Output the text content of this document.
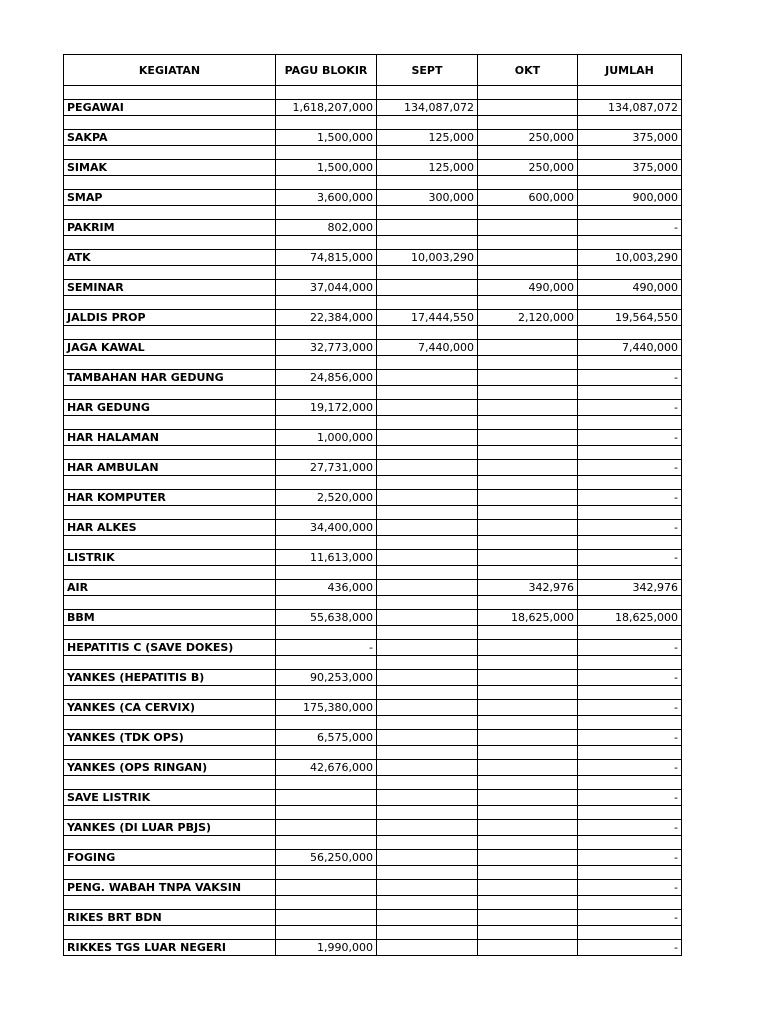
KEGIATAN	PAGU BLOKIR	SEPT	OKT	JUMLAH

PEGAWAI	1,618,207,000	134,087,072		134,087,072

SAKPA	1,500,000	125,000	250,000	375,000

SIMAK	1,500,000	125,000	250,000	375,000

SMAP	3,600,000	300,000	600,000	900,000

PAKRIM	802,000			-

ATK	74,815,000	10,003,290		10,003,290

SEMINAR	37,044,000		490,000	490,000

JALDIS PROP	22,384,000	17,444,550	2,120,000	19,564,550

JAGA KAWAL	32,773,000	7,440,000		7,440,000

TAMBAHAN HAR GEDUNG	24,856,000			-

HAR GEDUNG	19,172,000			-

HAR HALAMAN	1,000,000			-

HAR AMBULAN	27,731,000			-

HAR KOMPUTER	2,520,000			-

HAR ALKES	34,400,000			-

LISTRIK	11,613,000			-

AIR	436,000		342,976	342,976

BBM	55,638,000		18,625,000	18,625,000

HEPATITIS C (SAVE DOKES)	-			-

YANKES (HEPATITIS B)	90,253,000			-

YANKES (CA CERVIX)	175,380,000			-

YANKES (TDK OPS)	6,575,000			-

YANKES (OPS RINGAN)	42,676,000			-

SAVE LISTRIK				-

YANKES (DI LUAR PBJS)				-

FOGING	56,250,000			-

PENG. WABAH TNPA VAKSIN				-

RIKES BRT BDN				-

RIKKES TGS LUAR NEGERI	1,990,000			-
